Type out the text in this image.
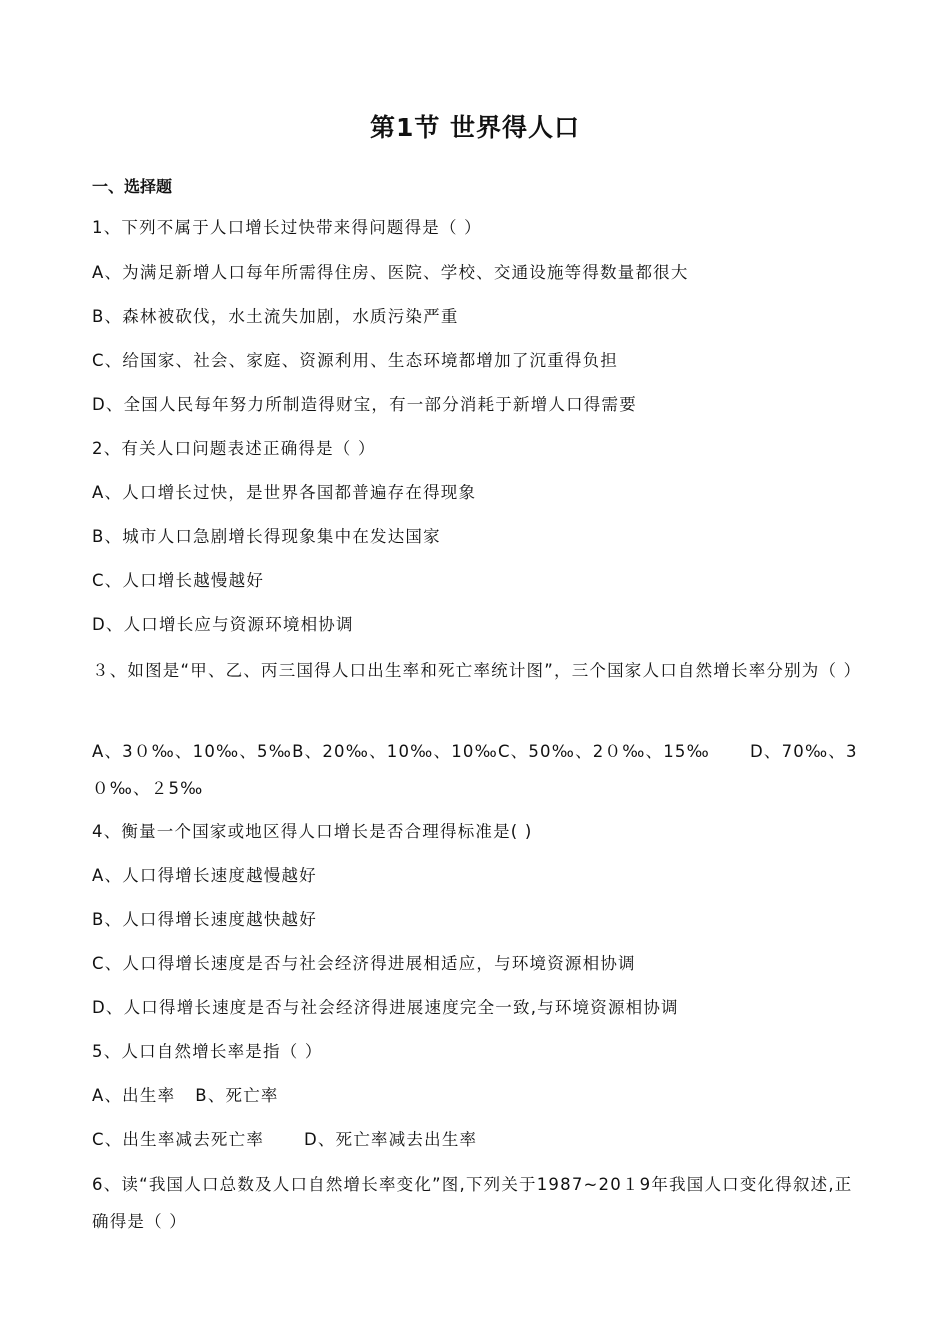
第1节 世界得人口
一、选择题
1、下列不属于人口增长过快带来得问题得是（ ）
A、为满足新增人口每年所需得住房、医院、学校、交通设施等得数量都很大
B、森林被砍伐，水土流失加剧，水质污染严重
C、给国家、社会、家庭、资源利用、生态环境都增加了沉重得负担
D、全国人民每年努力所制造得财宝，有一部分消耗于新增人口得需要
2、有关人口问题表述正确得是（ ）
A、人口增长过快，是世界各国都普遍存在得现象
B、城市人口急剧增长得现象集中在发达国家
C、人口增长越慢越好
D、人口增长应与资源环境相协调
３、如图是“甲、乙、丙三国得人口出生率和死亡率统计图”，三个国家人口自然增长率分别为（ ）
A、3０‰、10‰、5‰B、20‰、10‰、10‰C、50‰、2０‰、15‰ D、70‰、3０‰、２5‰
4、衡量一个国家或地区得人口增长是否合理得标准是( )
A、人口得增长速度越慢越好
B、人口得增长速度越快越好
C、人口得增长速度是否与社会经济得进展相适应，与环境资源相协调
D、人口得增长速度是否与社会经济得进展速度完全一致,与环境资源相协调
5、人口自然增长率是指（ ）
A、出生率 B、死亡率
C、出生率减去死亡率 D、死亡率减去出生率
6、读“我国人口总数及人口自然增长率变化”图,下列关于1987~20１9年我国人口变化得叙述,正确得是（ ）
